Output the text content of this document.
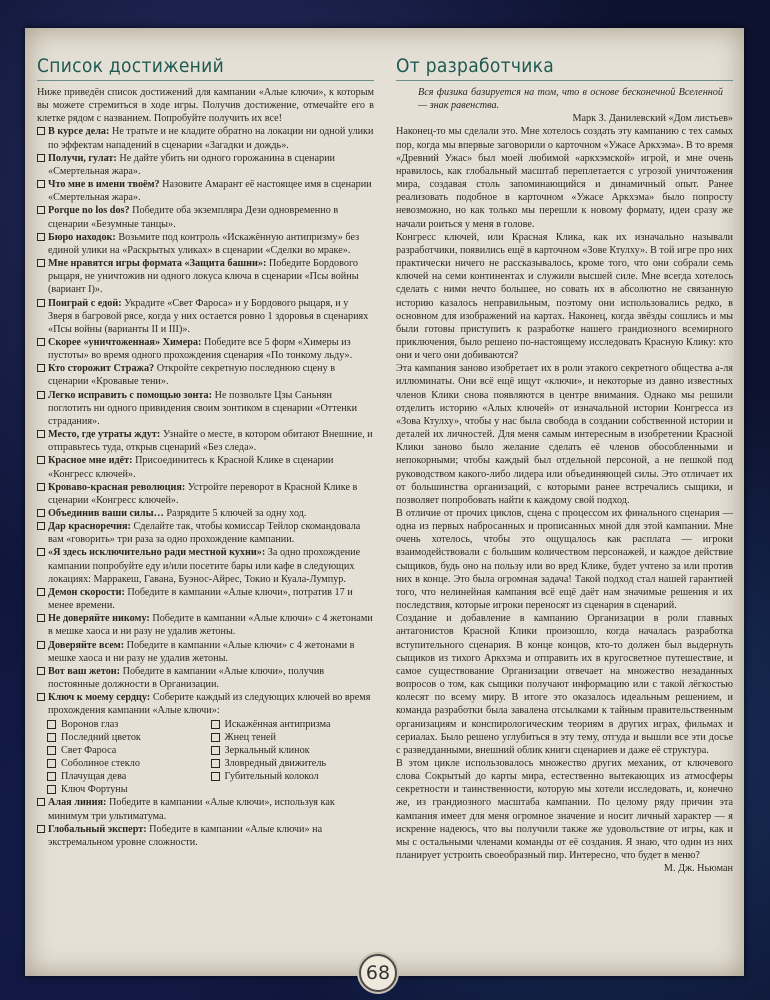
Список достижений

Ниже приведён список достижений для кампании «Алые ключи», к которым вы можете стремиться в ходе игры. Получив достижение, отмечайте его в клетке рядом с названием. Попробуйте получить их все!

В курсе дела: Не тратьте и не кладите обратно на локации ни одной улики по эффектам нападений в сценарии «Загадки и дождь».
Получи, гулат: Не дайте убить ни одного горожанина в сценарии «Смертельная жара».
Что мне в имени твоём? Назовите Амарант её настоящее имя в сценарии «Смертельная жара».
Porque no los dos? Победите оба экземпляра Дези одновременно в сценарии «Безумные танцы».
Бюро находок: Возьмите под контроль «Искажённую антипризму» без единой улики на «Раскрытых уликах» в сценарии «Сделки во мраке».
Мне нравятся игры формата «Защита башни»: Победите Бордового рыцаря, не уничтожив ни одного локуса ключа в сценарии «Псы войны (вариант I)».
Поиграй с едой: Укрaдите «Свет Фароса» и у Бордового рыцаря, и у Зверя в багровой рясе, когда у них остается ровно 1 здоровья в сценариях «Псы войны (варианты II и III)».
Скорее «уничтоженная» Химера: Победите все 5 форм «Химеры из пустоты» во время одного прохождения сценария «По тонкому льду».
Кто сторожит Стража? Откройте секретную последнюю сцену в сценарии «Кровавые тени».
Легко исправить с помощью зонта: Не позвольте Цзы Саньнян поглотить ни одного привидения своим зонтиком в сценарии «Оттенки страдания».
Место, где утраты ждут: Узнайте о месте, в котором обитают Внешние, и отправьтесь туда, открыв сценарий «Без следа».
Красное мне идёт: Присоединитесь к Красной Клике в сценарии «Конгресс ключей».
Кроваво-красная революция: Устройте переворот в Красной Клике в сценарии «Конгресс ключей».
Объединив ваши силы… Разрядите 5 ключей за одну ход.
Дар красноречия: Сделайте так, чтобы комиссар Тейлор скомандовала вам «говорить» три раза за одно прохождение кампании.
«Я здесь исключительно ради местной кухни»: За одно прохождение кампании попробуйте еду и/или посетите бары или кафе в следующих локациях: Марракеш, Гавана, Буэнос-Айрес, Токио и Куала-Лумпур.
Демон скорости: Победите в кампании «Алые ключи», потратив 17 и менее времени.
Не доверяйте никому: Победите в кампании «Алые ключи» с 4 жетонами в мешке хаоса и ни разу не удалив жетоны.
Доверяйте всем: Победите в кампании «Алые ключи» с 4 жетонами в мешке хаоса и ни разу не удалив жетоны.
Вот ваш жетон: Победите в кампании «Алые ключи», получив постоянные должности в Организации.
Ключ к моему сердцу: Соберите каждый из следующих ключей во время прохождения кампании «Алые ключи»:
Воронов глаз	Искажённая антипризма
Последний цветок	Жнец теней
Свет Фароса	Зеркальный клинок
Соболиное стекло	Зловредный движитель
Плачущая дева	Губительный колокол
Ключ Фортуны
Алая линия: Победите в кампании «Алые ключи», используя как минимум три ультиматума.
Глобальный эксперт: Победите в кампании «Алые ключи» на экстремальном уровне сложности.
От разработчика

Вся физика базируется на том, что в основе бесконечной Вселенной — знак равенства.

Марк З. Данилевский «Дом листьев»

Наконец-то мы сделали это. Мне хотелось создать эту кампанию с тех самых пор, когда мы впервые заговорили о карточном «Ужасе Аркхэма». В то время «Древний Ужас» был моей любимой «аркхэмской» игрой, и мне очень нравилось, как глобальный масштаб переплетается с угрозой уничтожения мира, создавая столь запоминающийся и динамичный опыт. Ранее реализовать подобное в карточном «Ужасе Аркхэма» было попросту невозможно, но как только мы перешли к новому формату, идеи сразу же начали роиться у меня в голове.

Конгресс ключей, или Красная Клика, как их изначально называли разработчики, появились ещё в карточном «Зове Ктулху». В той игре про них практически ничего не рассказывалось, кроме того, что они собрали семь ключей на семи континентах и служили высшей силе. Мне всегда хотелось сделать с ними нечто большее, но совать их в абсолютно не связанную историю казалось неправильным, поэтому они использовались редко, в основном для изображений на картах. Наконец, когда звёзды сошлись и мы были готовы приступить к разработке нашего грандиозного всемирного приключения, было решено по-настоящему исследовать Красную Клику: кто они и чего они добиваются?

Эта кампания заново изобретает их в роли этакого секретного общества а-ля иллюминаты. Они всё ещё ищут «ключи», и некоторые из давно известных членов Клики снова появляются в центре внимания. Однако мы решили отделить историю «Алых ключей» от изначальной истории Конгресса из «Зова Ктулху», чтобы у нас была свобода в создании собственной истории и деталей их личностей. Для меня самым интересным в изобретении Красной Клики заново было желание сделать её членов обособленными и непокорными; чтобы каждый был отдельной персоной, а не пешкой под руководством какого-либо лидера или объединяющей силы. Это отличает их от большинства организаций, с которыми ранее встречались сыщики, и позволяет попробовать найти к каждому свой подход.

В отличие от прочих циклов, сцена с процессом их финального сценария — одна из первых набросанных и прописанных мной для этой кампании. Мне очень хотелось, чтобы это ощущалось как расплата — игроки взаимодействовали с большим количеством персонажей, и каждое действие сыщиков, будь оно на пользу или во вред Клике, будет учтено за или против них в конце. Это была огромная задача! Такой подход стал нашей гарантией того, что нелинейная кампания всё ещё даёт нам значимые решения и их последствия, которые игроки переносят из сценария в сценарий.

Создание и добавление в кампанию Организации в роли главных антагонистов Красной Клики произошло, когда началась разработка вступительного сценария. В конце концов, кто-то должен был выдернуть сыщиков из тихого Аркхэма и отправить их в кругосветное путешествие, и самое существование Организации отвечает на множество незаданных вопросов о том, как сыщики получают информацию или с такой лёгкостью колесят по всему миру. В итоге это оказалось идеальным решением, и команда разработки была завалена отсылками к тайным правительственным организациям и конспирологическим теориям в других играх, фильмах и сериалах. Было решено углубиться в эту тему, отгуда и вышли все эти досье с разведданными, внешний облик книги сценариев и даже её структура.

В этом цикле использовалось множество других механик, от ключевого слова Сокрытый до карты мира, естественно вытекающих из атмосферы секретности и таинственности, которую мы хотели исследовать, и, конечно же, из грандиозного масштаба кампании. По целому ряду причин эта кампания имеет для меня огромное значение и носит личный характер — я искренне надеюсь, что вы получили также же удовольствие от игры, как и мы с остальными членами команды от её создания. Я знаю, что один из них планирует устроить своеобразный пир. Интересно, что будет в меню?

М. Дж. Ньюман

68
